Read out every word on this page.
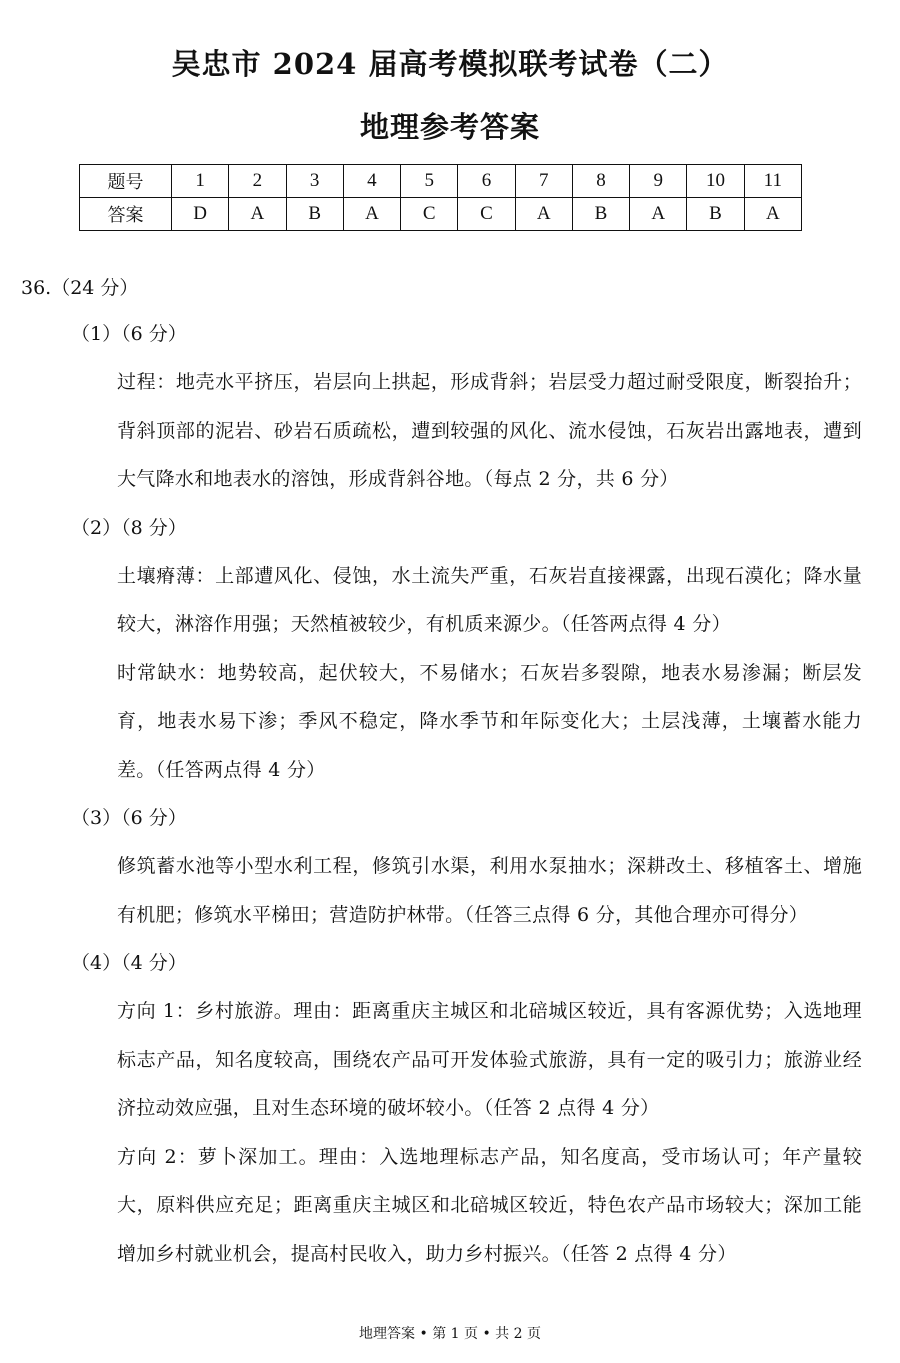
吴忠市 2024 届高考模拟联考试卷（二）
地理参考答案
题号	1	2	3	4	5	6	7	8	9	10	11
答案	D	A	B	A	C	C	A	B	A	B	A
36.（24 分）
（1）（6 分）
过程：地壳水平挤压，岩层向上拱起，形成背斜；岩层受力超过耐受限度，断裂抬升；背斜顶部的泥岩、砂岩石质疏松，遭到较强的风化、流水侵蚀，石灰岩出露地表，遭到大气降水和地表水的溶蚀，形成背斜谷地。（每点 2 分，共 6 分）
（2）（8 分）
土壤瘠薄：上部遭风化、侵蚀，水土流失严重，石灰岩直接裸露，出现石漠化；降水量较大，淋溶作用强；天然植被较少，有机质来源少。（任答两点得 4 分）
时常缺水：地势较高，起伏较大，不易储水；石灰岩多裂隙，地表水易渗漏；断层发育，地表水易下渗；季风不稳定，降水季节和年际变化大；土层浅薄，土壤蓄水能力差。（任答两点得 4 分）
（3）（6 分）
修筑蓄水池等小型水利工程，修筑引水渠，利用水泵抽水；深耕改土、移植客土、增施有机肥；修筑水平梯田；营造防护林带。（任答三点得 6 分，其他合理亦可得分）
（4）（4 分）
方向 1：乡村旅游。理由：距离重庆主城区和北碚城区较近，具有客源优势；入选地理标志产品，知名度较高，围绕农产品可开发体验式旅游，具有一定的吸引力；旅游业经济拉动效应强，且对生态环境的破坏较小。（任答 2 点得 4 分）
方向 2：萝卜深加工。理由：入选地理标志产品，知名度高，受市场认可；年产量较大，原料供应充足；距离重庆主城区和北碚城区较近，特色农产品市场较大；深加工能增加乡村就业机会，提高村民收入，助力乡村振兴。（任答 2 点得 4 分）
地理答案 • 第 1 页 • 共 2 页
